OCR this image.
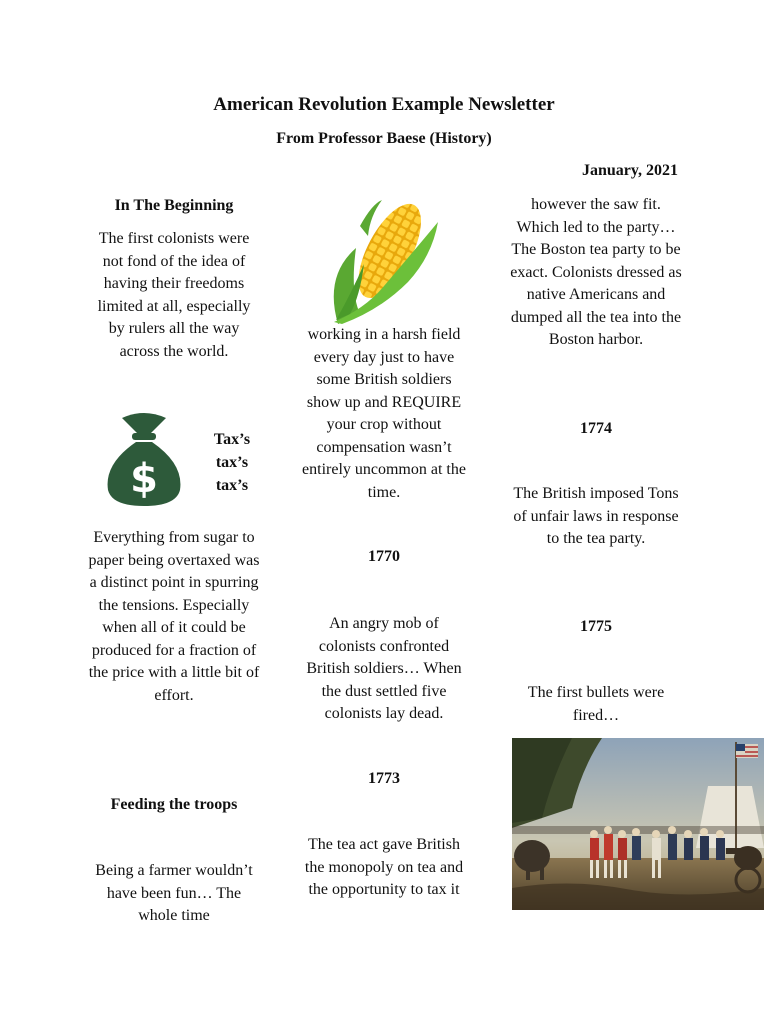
American Revolution Example Newsletter
From Professor Baese (History)
January, 2021
In The Beginning
The first colonists were not fond of the idea of having their freedoms limited at all, especially by rulers all the way across the world.
$
Tax’s
tax’s
tax’s
Everything from sugar to paper being overtaxed was a distinct point in spurring the tensions. Especially when all of it could be produced for a fraction of the price with a little bit of effort.
Feeding the troops
Being a farmer wouldn’t have been fun… The whole time
working in a harsh field every day just to have some British soldiers show up and REQUIRE your crop without compensation wasn’t entirely uncommon at the time.
1770
An angry mob of colonists confronted British soldiers… When the dust settled five colonists lay dead.
1773
The tea act gave British the monopoly on tea and the opportunity to tax it
however the saw fit. Which led to the party… The Boston tea party to be exact. Colonists dressed as native Americans and dumped all the tea into the Boston harbor.
1774
The British imposed Tons of unfair laws in response to the tea party.
1775
The first bullets were fired…
